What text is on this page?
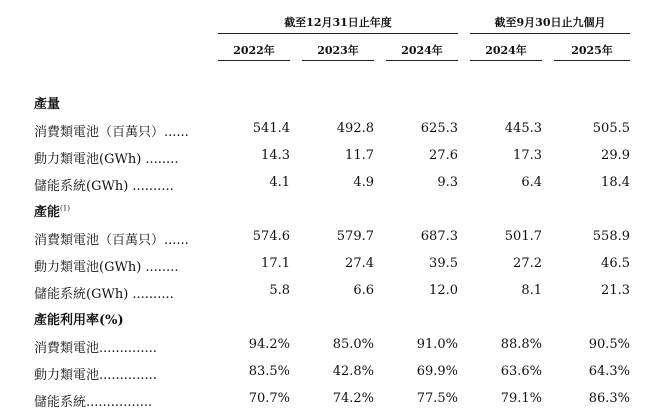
截至12月31日止年度	截至9月30日止九個月
2022年	2023年	2024年	2024年	2025年
產量
消費類電池（百萬只）......	541.4	492.8	625.3	445.3	505.5
動力類電池(GWh) ........	14.3	11.7	27.6	17.3	29.9
儲能系統(GWh) ..........	4.1	4.9	9.3	6.4	18.4
產能$^{(1)}$
消費類電池（百萬只）......	574.6	579.7	687.3	501.7	558.9
動力類電池(GWh) ........	17.1	27.4	39.5	27.2	46.5
儲能系統(GWh) ..........	5.8	6.6	12.0	8.1	21.3
產能利用率(%)
消費類電池..............	94.2%	85.0%	91.0%	88.8%	90.5%
動力類電池..............	83.5%	42.8%	69.9%	63.6%	64.3%
儲能系統................	70.7%	74.2%	77.5%	79.1%	86.3%
